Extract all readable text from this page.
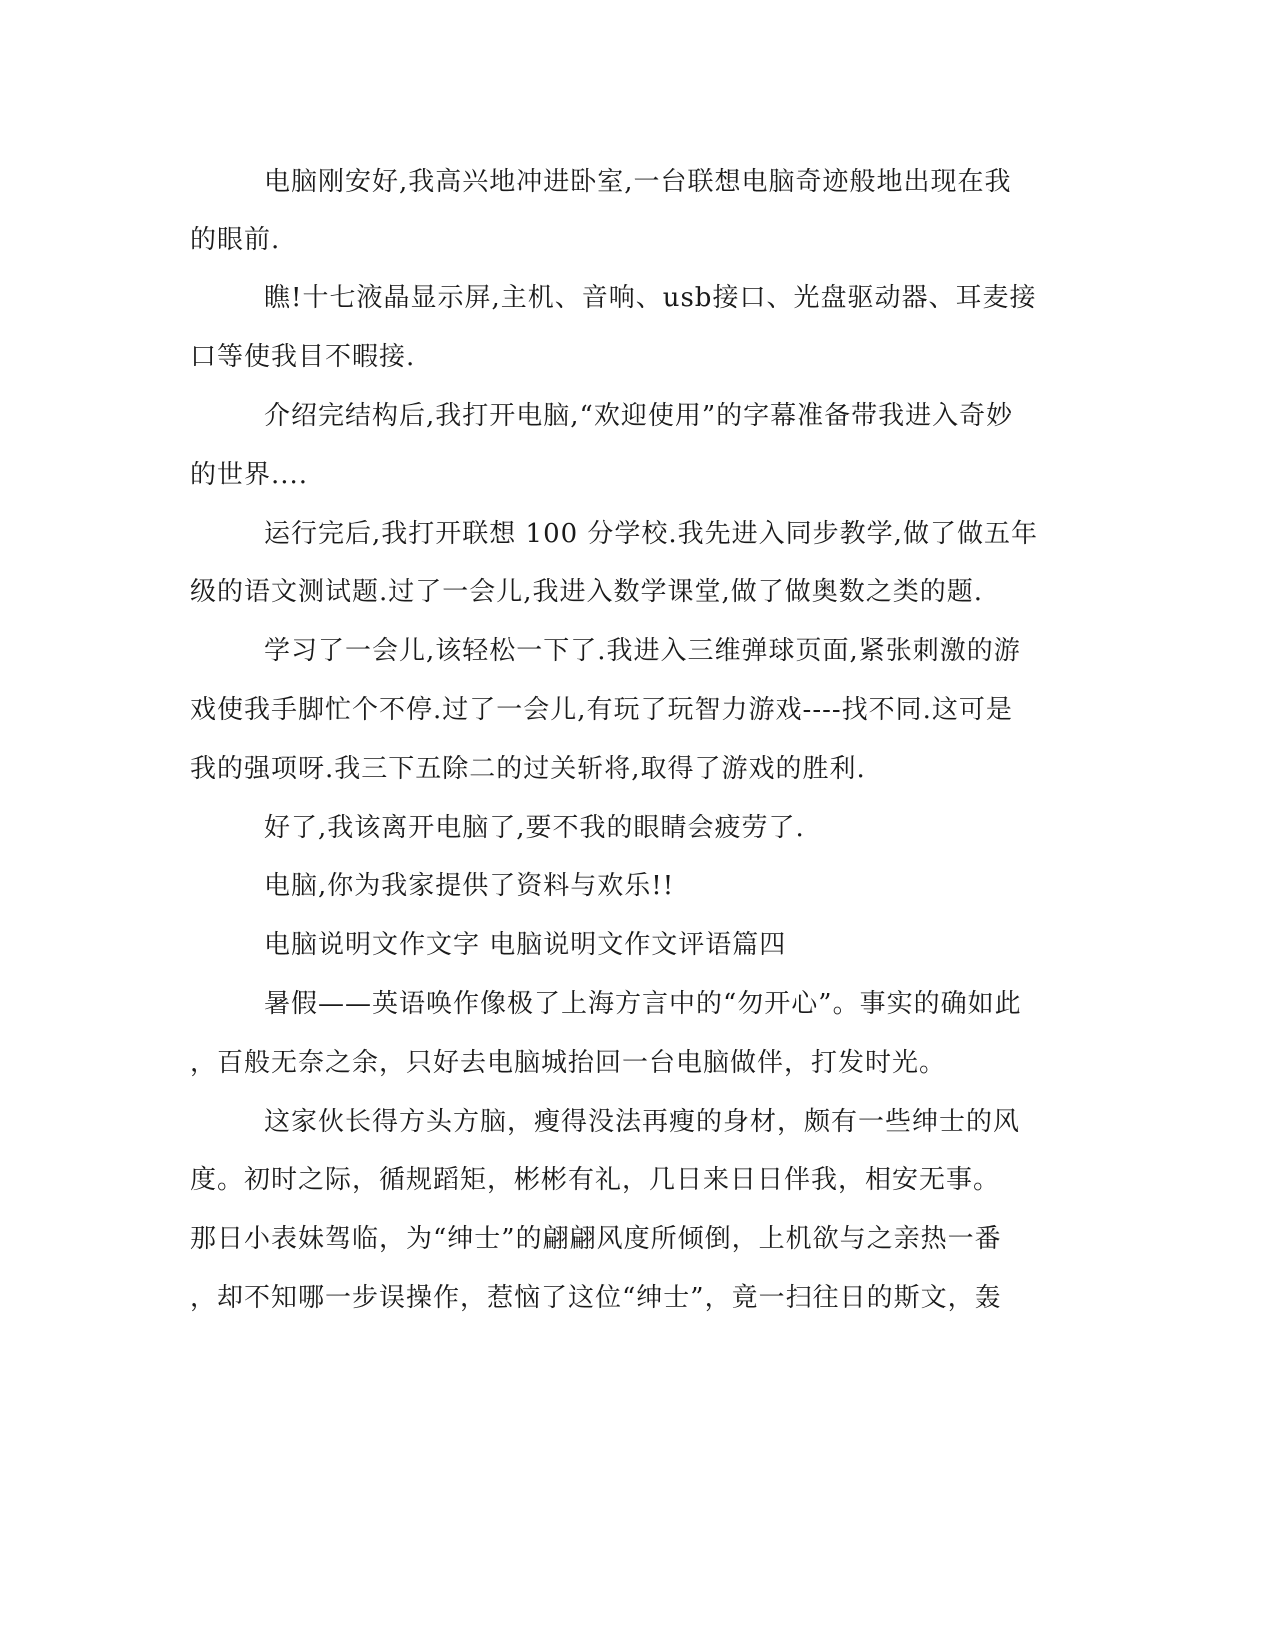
电脑刚安好,我高兴地冲进卧室,一台联想电脑奇迹般地出现在我
的眼前.
瞧!十七液晶显示屏,主机、音响、usb接口、光盘驱动器、耳麦接
口等使我目不暇接.
介绍完结构后,我打开电脑,“欢迎使用”的字幕准备带我进入奇妙
的世界....
运行完后,我打开联想 100 分学校.我先进入同步教学,做了做五年
级的语文测试题.过了一会儿,我进入数学课堂,做了做奥数之类的题.
学习了一会儿,该轻松一下了.我进入三维弹球页面,紧张刺激的游
戏使我手脚忙个不停.过了一会儿,有玩了玩智力游戏----找不同.这可是
我的强项呀.我三下五除二的过关斩将,取得了游戏的胜利.
好了,我该离开电脑了,要不我的眼睛会疲劳了.
电脑,你为我家提供了资料与欢乐!!
电脑说明文作文字 电脑说明文作文评语篇四
暑假——英语唤作像极了上海方言中的“勿开心”。事实的确如此
，百般无奈之余，只好去电脑城抬回一台电脑做伴，打发时光。
这家伙长得方头方脑，瘦得没法再瘦的身材，颇有一些绅士的风
度。初时之际，循规蹈矩，彬彬有礼，几日来日日伴我，相安无事。
那日小表妹驾临，为“绅士”的翩翩风度所倾倒，上机欲与之亲热一番
，却不知哪一步误操作，惹恼了这位“绅士”，竟一扫往日的斯文，轰
